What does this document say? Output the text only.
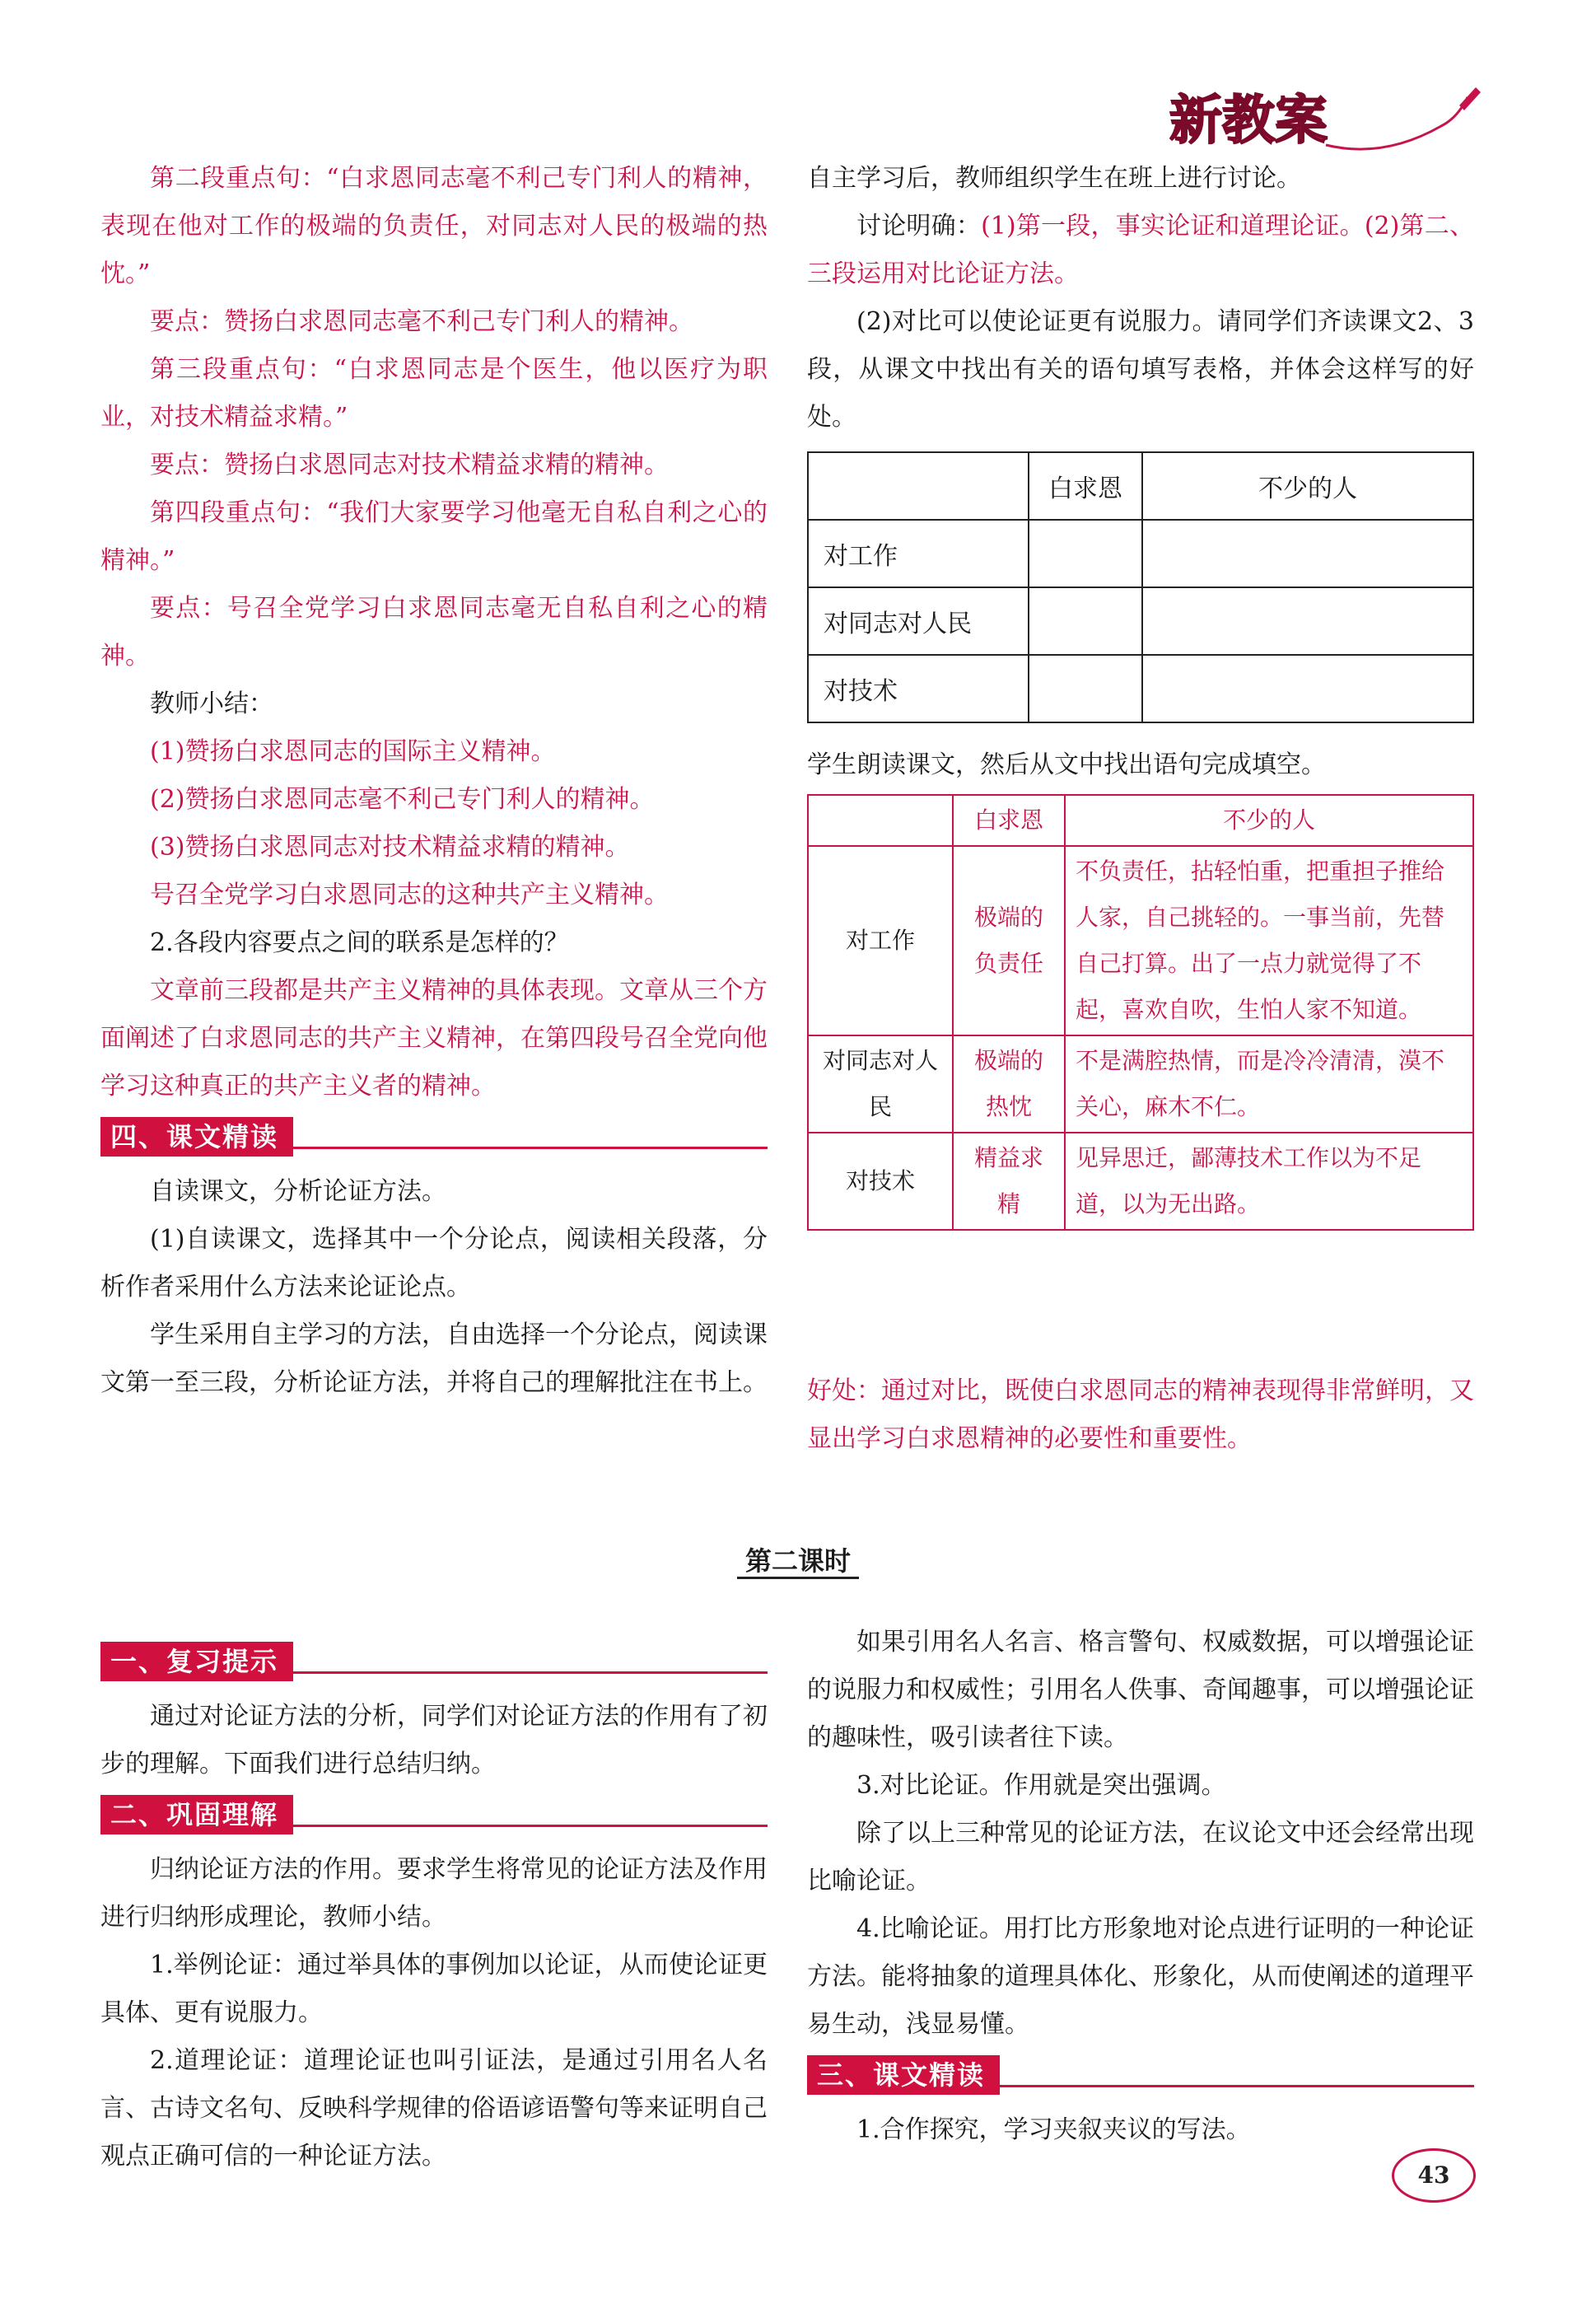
新教案

第二段重点句：“白求恩同志毫不利己专门利人的精神，表现在他对工作的极端的负责任，对同志对人民的极端的热忱。”

要点：赞扬白求恩同志毫不利己专门利人的精神。

第三段重点句：“白求恩同志是个医生，他以医疗为职业，对技术精益求精。”

要点：赞扬白求恩同志对技术精益求精的精神。

第四段重点句：“我们大家要学习他毫无自私自利之心的精神。”

要点：号召全党学习白求恩同志毫无自私自利之心的精神。

教师小结：

(1)赞扬白求恩同志的国际主义精神。

(2)赞扬白求恩同志毫不利己专门利人的精神。

(3)赞扬白求恩同志对技术精益求精的精神。

号召全党学习白求恩同志的这种共产主义精神。

2.各段内容要点之间的联系是怎样的？

文章前三段都是共产主义精神的具体表现。文章从三个方面阐述了白求恩同志的共产主义精神，在第四段号召全党向他学习这种真正的共产主义者的精神。

四、课文精读

自读课文，分析论证方法。

(1)自读课文，选择其中一个分论点，阅读相关段落，分析作者采用什么方法来论证论点。

学生采用自主学习的方法，自由选择一个分论点，阅读课文第一至三段，分析论证方法，并将自己的理解批注在书上。

自主学习后，教师组织学生在班上进行讨论。

讨论明确：(1)第一段，事实论证和道理论证。(2)第二、三段运用对比论证方法。

(2)对比可以使论证更有说服力。请同学们齐读课文2、3段，从课文中找出有关的语句填写表格，并体会这样写的好处。

	白求恩	不少的人
对工作		
对同志对人民		
对技术		

学生朗读课文，然后从文中找出语句完成填空。

	白求恩	不少的人
对工作	极端的负责任	不负责任，拈轻怕重，把重担子推给人家，自己挑轻的。一事当前，先替自己打算。出了一点力就觉得了不起，喜欢自吹，生怕人家不知道。
对同志对人民	极端的热忱	不是满腔热情，而是冷冷清清，漠不关心，麻木不仁。
对技术	精益求精	见异思迁，鄙薄技术工作以为不足道，以为无出路。

好处：通过对比，既使白求恩同志的精神表现得非常鲜明，又显出学习白求恩精神的必要性和重要性。

第二课时
一、复习提示

通过对论证方法的分析，同学们对论证方法的作用有了初步的理解。下面我们进行总结归纳。

二、巩固理解

归纳论证方法的作用。要求学生将常见的论证方法及作用进行归纳形成理论，教师小结。

1.举例论证：通过举具体的事例加以论证，从而使论证更具体、更有说服力。

2.道理论证：道理论证也叫引证法，是通过引用名人名言、古诗文名句、反映科学规律的俗语谚语警句等来证明自己观点正确可信的一种论证方法。

如果引用名人名言、格言警句、权威数据，可以增强论证的说服力和权威性；引用名人佚事、奇闻趣事，可以增强论证的趣味性，吸引读者往下读。

3.对比论证。作用就是突出强调。

除了以上三种常见的论证方法，在议论文中还会经常出现比喻论证。

4.比喻论证。用打比方形象地对论点进行证明的一种论证方法。能将抽象的道理具体化、形象化，从而使阐述的道理平易生动，浅显易懂。

三、课文精读

1.合作探究，学习夹叙夹议的写法。

43
